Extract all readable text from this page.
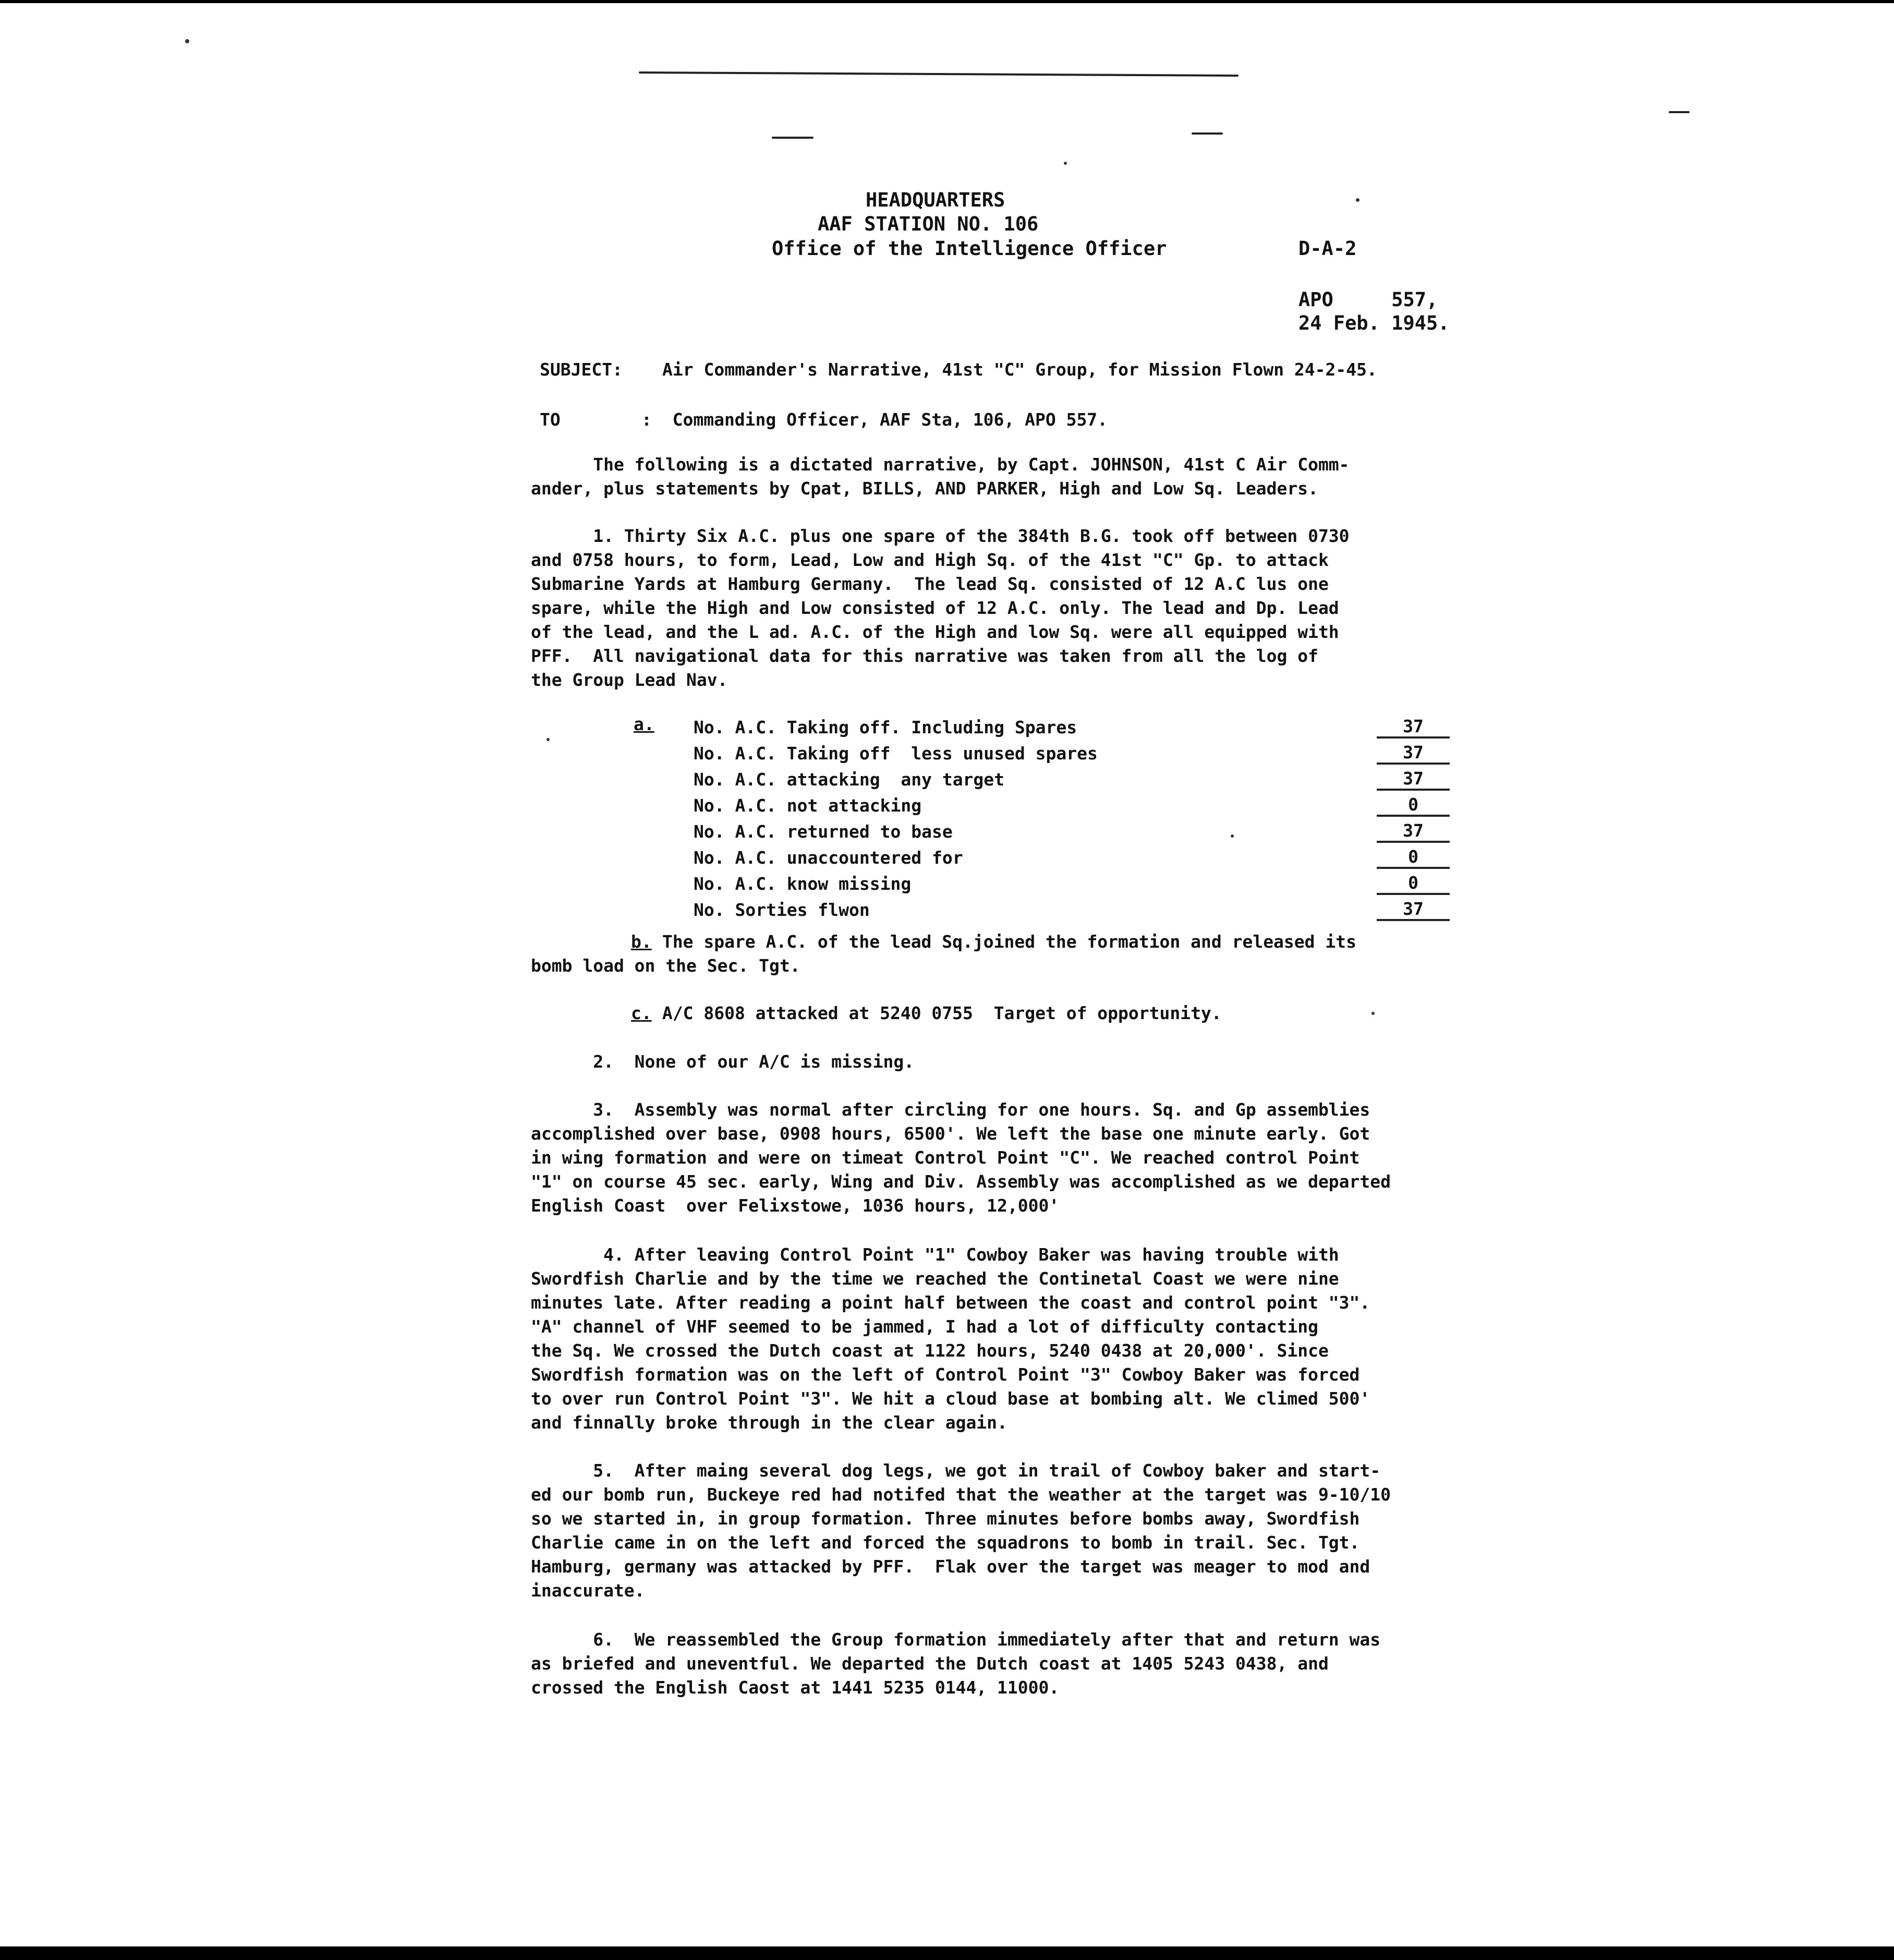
HEADQUARTERS
AAF STATION NO. 106
Office of the Intelligence Officer	D-A-2
APO     557,
24 Feb. 1945.
SUBJECT: Air Commander's Narrative, 41st "C" Group, for Mission Flown 24-2-45.
TO	:  Commanding Officer, AAF Sta, 106, APO 557.
The following is a dictated narrative, by Capt. JOHNSON, 41st C Air Comm-
ander, plus statements by Cpat, BILLS, AND PARKER, High and Low Sq. Leaders.
1. Thirty Six A.C. plus one spare of the 384th B.G. took off between 0730
and 0758 hours, to form, Lead, Low and High Sq. of the 41st "C" Gp. to attack
Submarine Yards at Hamburg Germany.  The lead Sq. consisted of 12 A.C lus one
spare, while the High and Low consisted of 12 A.C. only. The lead and Dp. Lead
of the lead, and the L ad. A.C. of the High and low Sq. were all equipped with
PFF.  All navigational data for this narrative was taken from all the log of
the Group Lead Nav.
a. No. A.C. Taking off. Including Spares	37
No. A.C. Taking off  less unused spares	37
No. A.C. attacking  any target	37
No. A.C. not attacking	0
No. A.C. returned to base	37
No. A.C. unaccountered for	0
No. A.C. know missing	0
No. Sorties flwon	37
b. The spare A.C. of the lead Sq.joined the formation and released its
bomb load on the Sec. Tgt.
c. A/C 8608 attacked at 5240 0755  Target of opportunity.
2.  None of our A/C is missing.
3.  Assembly was normal after circling for one hours. Sq. and Gp assemblies
accomplished over base, 0908 hours, 6500'. We left the base one minute early. Got
in wing formation and were on timeat Control Point "C". We reached control Point
"1" on course 45 sec. early, Wing and Div. Assembly was accomplished as we departed
English Coast  over Felixstowe, 1036 hours, 12,000'
4. After leaving Control Point "1" Cowboy Baker was having trouble with
Swordfish Charlie and by the time we reached the Continetal Coast we were nine
minutes late. After reading a point half between the coast and control point "3".
"A" channel of VHF seemed to be jammed, I had a lot of difficulty contacting
the Sq. We crossed the Dutch coast at 1122 hours, 5240 0438 at 20,000'. Since
Swordfish formation was on the left of Control Point "3" Cowboy Baker was forced
to over run Control Point "3". We hit a cloud base at bombing alt. We climed 500'
and finnally broke through in the clear again.
5.  After maing several dog legs, we got in trail of Cowboy baker and start-
ed our bomb run, Buckeye red had notifed that the weather at the target was 9-10/10
so we started in, in group formation. Three minutes before bombs away, Swordfish
Charlie came in on the left and forced the squadrons to bomb in trail. Sec. Tgt.
Hamburg, germany was attacked by PFF.  Flak over the target was meager to mod and
inaccurate.
6.  We reassembled the Group formation immediately after that and return was
as briefed and uneventful. We departed the Dutch coast at 1405 5243 0438, and
crossed the English Caost at 1441 5235 0144, 11000.
